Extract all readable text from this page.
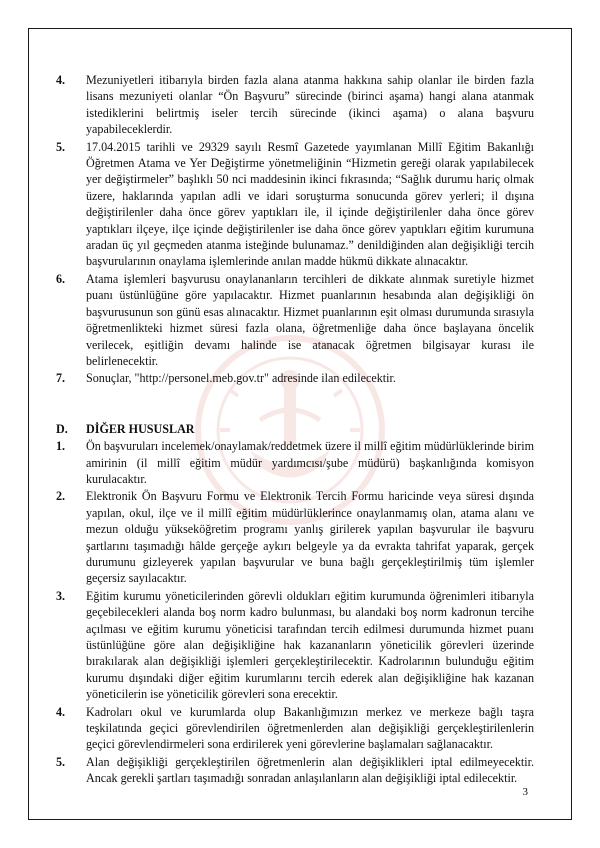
4. Mezuniyetleri itibarıyla birden fazla alana atanma hakkına sahip olanlar ile birden fazla lisans mezuniyeti olanlar “Ön Başvuru” sürecinde (birinci aşama) hangi alana atanmak istediklerini belirtmiş iseler tercih sürecinde (ikinci aşama) o alana başvuru yapabileceklerdir.
5. 17.04.2015 tarihli ve 29329 sayılı Resmî Gazetede yayımlanan Millî Eğitim Bakanlığı Öğretmen Atama ve Yer Değiştirme yönetmeliğinin “Hizmetin gereği olarak yapılabilecek yer değiştirmeler” başlıklı 50 nci maddesinin ikinci fıkrasında; “Sağlık durumu hariç olmak üzere, haklarında yapılan adli ve idari soruşturma sonucunda görev yerleri; il dışına değiştirilenler daha önce görev yaptıkları ile, il içinde değiştirilenler daha önce görev yaptıkları ilçeye, ilçe içinde değiştirilenler ise daha önce görev yaptıkları eğitim kurumuna aradan üç yıl geçmeden atanma isteğinde bulunamaz.” denildiğinden alan değişikliği tercih başvurularının onaylama işlemlerinde anılan madde hükmü dikkate alınacaktır.
6. Atama işlemleri başvurusu onaylananların tercihleri de dikkate alınmak suretiyle hizmet puanı üstünlüğüne göre yapılacaktır. Hizmet puanlarının hesabında alan değişikliği ön başvurusunun son günü esas alınacaktır. Hizmet puanlarının eşit olması durumunda sırasıyla öğretmenlikteki hizmet süresi fazla olana, öğretmenliğe daha önce başlayana öncelik verilecek, eşitliğin devamı halinde ise atanacak öğretmen bilgisayar kurası ile belirlenecektir.
7. Sonuçlar, "http://personel.meb.gov.tr" adresinde ilan edilecektir.
D. DİĞER HUSUSLAR
1. Ön başvuruları incelemek/onaylamak/reddetmek üzere il millî eğitim müdürlüklerinde birim amirinin (il millî eğitim müdür yardımcısı/şube müdürü) başkanlığında komisyon kurulacaktır.
2. Elektronik Ön Başvuru Formu ve Elektronik Tercih Formu haricinde veya süresi dışında yapılan, okul, ilçe ve il millî eğitim müdürlüklerince onaylanmamış olan, atama alanı ve mezun olduğu yükseköğretim programı yanlış girilerek yapılan başvurular ile başvuru şartlarını taşımadığı hâlde gerçeğe aykırı belgeyle ya da evrakta tahrifat yaparak, gerçek durumunu gizleyerek yapılan başvurular ve buna bağlı gerçekleştirilmiş tüm işlemler geçersiz sayılacaktır.
3. Eğitim kurumu yöneticilerinden görevli oldukları eğitim kurumunda öğrenimleri itibarıyla geçebilecekleri alanda boş norm kadro bulunması, bu alandaki boş norm kadronun tercihe açılması ve eğitim kurumu yöneticisi tarafından tercih edilmesi durumunda hizmet puanı üstünlüğüne göre alan değişikliğine hak kazananların yöneticilik görevleri üzerinde bırakılarak alan değişikliği işlemleri gerçekleştirilecektir. Kadrolarının bulunduğu eğitim kurumu dışındaki diğer eğitim kurumlarını tercih ederek alan değişikliğine hak kazanan yöneticilerin ise yöneticilik görevleri sona erecektir.
4. Kadroları okul ve kurumlarda olup Bakanlığımızın merkez ve merkeze bağlı taşra teşkilatında geçici görevlendirilen öğretmenlerden alan değişikliği gerçekleştirilenlerin geçici görevlendirmeleri sona erdirilerek yeni görevlerine başlamaları sağlanacaktır.
5. Alan değişikliği gerçekleştirilen öğretmenlerin alan değişiklikleri iptal edilmeyecektir. Ancak gerekli şartları taşımadığı sonradan anlaşılanların alan değişikliği iptal edilecektir.
3
